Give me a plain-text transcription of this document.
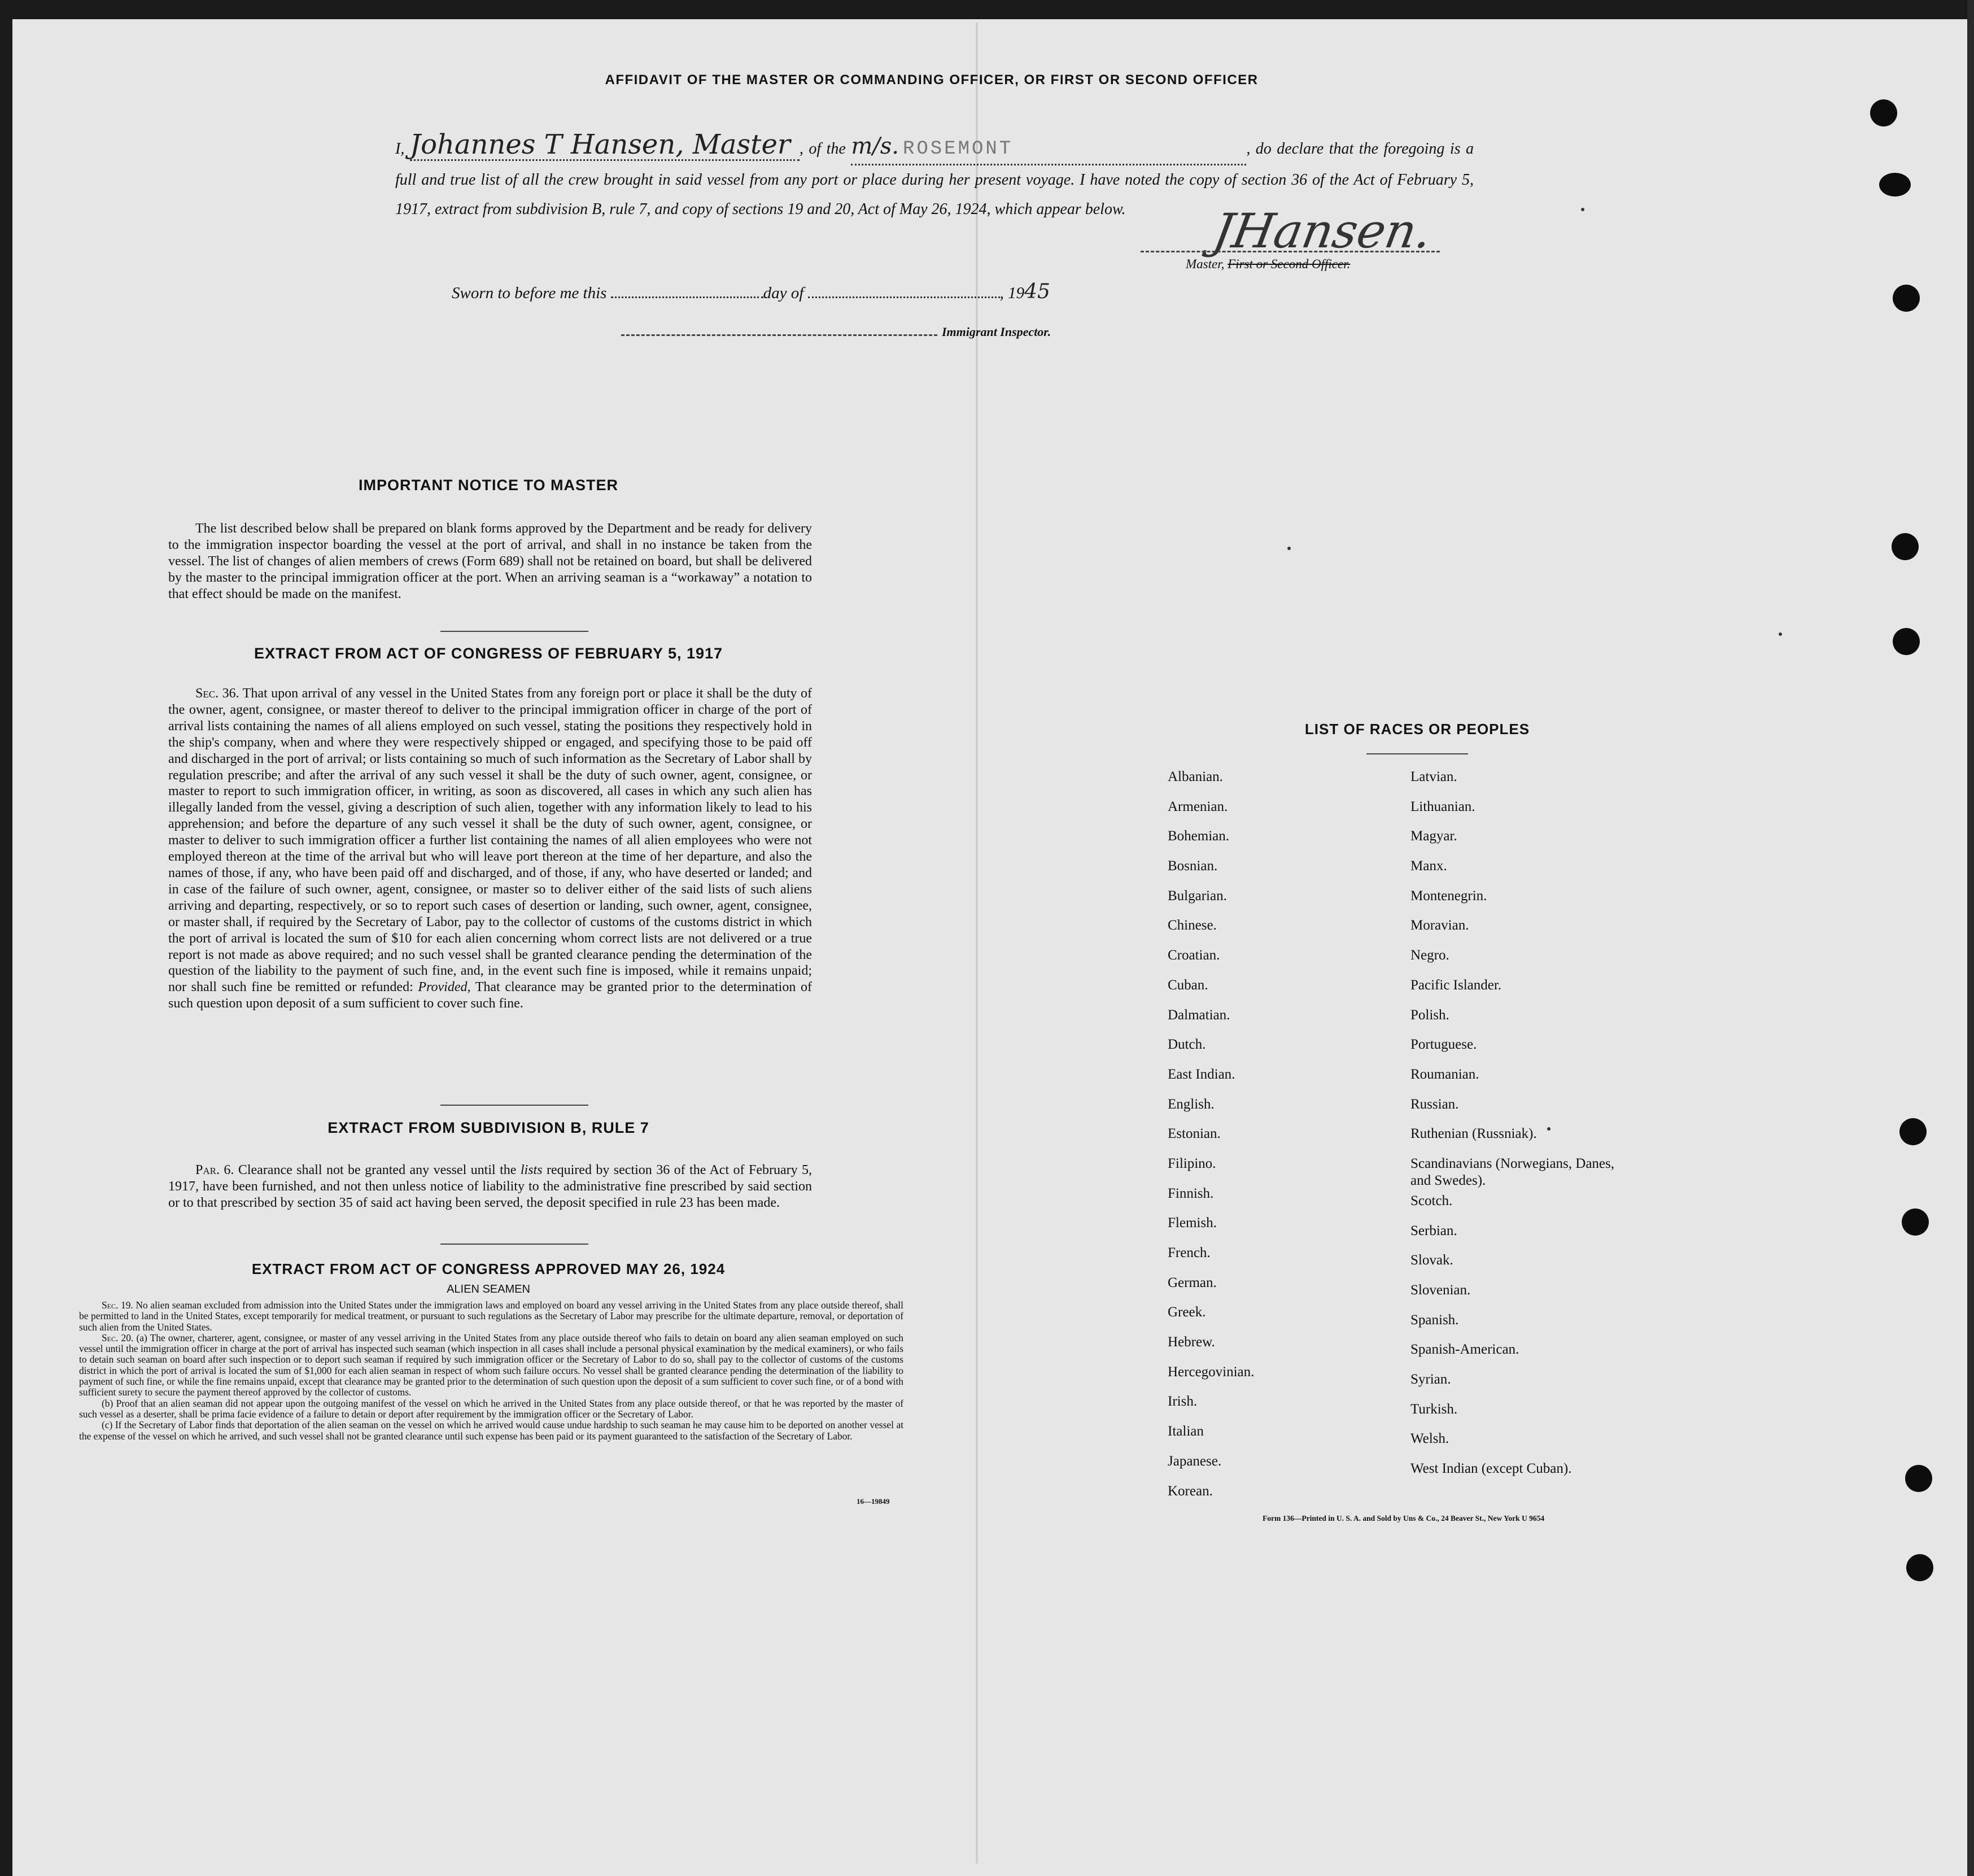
AFFIDAVIT OF THE MASTER OR COMMANDING OFFICER, OR FIRST OR SECOND OFFICER
I, Johannes T Hansen, Master , of the m/s. ROSEMONT	, do declare that the foregoing is a full and true list of all the crew brought in said vessel from any port or place during her present voyage. I have noted the copy of section 36 of the Act of February 5, 1917, extract from subdivision B, rule 7, and copy of sections 19 and 20, Act of May 26, 1924, which appear below.	JHansen.
Master, First or Second Officer.
Sworn to before me this	day of	, 1945
Immigrant Inspector.
IMPORTANT NOTICE TO MASTER
The list described below shall be prepared on blank forms approved by the Department and be ready for delivery to the immigration inspector boarding the vessel at the port of arrival, and shall in no instance be taken from the vessel. The list of changes of alien members of crews (Form 689) shall not be retained on board, but shall be delivered by the master to the principal immigration officer at the port. When an arriving seaman is a “workaway” a notation to that effect should be made on the manifest.
EXTRACT FROM ACT OF CONGRESS OF FEBRUARY 5, 1917
Sec. 36. That upon arrival of any vessel in the United States from any foreign port or place it shall be the duty of the owner, agent, consignee, or master thereof to deliver to the principal immigration officer in charge of the port of arrival lists containing the names of all aliens employed on such vessel, stating the positions they respectively hold in the ship's company, when and where they were respectively shipped or engaged, and specifying those to be paid off and discharged in the port of arrival; or lists containing so much of such information as the Secretary of Labor shall by regulation prescribe; and after the arrival of any such vessel it shall be the duty of such owner, agent, consignee, or master to report to such immigration officer, in writing, as soon as discovered, all cases in which any such alien has illegally landed from the vessel, giving a description of such alien, together with any information likely to lead to his apprehension; and before the departure of any such vessel it shall be the duty of such owner, agent, consignee, or master to deliver to such immigration officer a further list containing the names of all alien employees who were not employed thereon at the time of the arrival but who will leave port thereon at the time of her departure, and also the names of those, if any, who have been paid off and discharged, and of those, if any, who have deserted or landed; and in case of the failure of such owner, agent, consignee, or master so to deliver either of the said lists of such aliens arriving and departing, respectively, or so to report such cases of desertion or landing, such owner, agent, consignee, or master shall, if required by the Secretary of Labor, pay to the collector of customs of the customs district in which the port of arrival is located the sum of $10 for each alien concerning whom correct lists are not delivered or a true report is not made as above required; and no such vessel shall be granted clearance pending the determination of the question of the liability to the payment of such fine, and, in the event such fine is imposed, while it remains unpaid; nor shall such fine be remitted or refunded: Provided, That clearance may be granted prior to the determination of such question upon deposit of a sum sufficient to cover such fine.
EXTRACT FROM SUBDIVISION B, RULE 7
Par. 6. Clearance shall not be granted any vessel until the lists required by section 36 of the Act of February 5, 1917, have been furnished, and not then unless notice of liability to the administrative fine prescribed by said section or to that prescribed by section 35 of said act having been served, the deposit specified in rule 23 has been made.
EXTRACT FROM ACT OF CONGRESS APPROVED MAY 26, 1924
ALIEN SEAMEN
Sec. 19. No alien seaman excluded from admission into the United States under the immigration laws and employed on board any vessel arriving in the United States from any place outside thereof, shall be permitted to land in the United States, except temporarily for medical treatment, or pursuant to such regulations as the Secretary of Labor may prescribe for the ultimate departure, removal, or deportation of such alien from the United States.
Sec. 20. (a) The owner, charterer, agent, consignee, or master of any vessel arriving in the United States from any place outside thereof who fails to detain on board any alien seaman employed on such vessel until the immigration officer in charge at the port of arrival has inspected such seaman (which inspection in all cases shall include a personal physical examination by the medical examiners), or who fails to detain such seaman on board after such inspection or to deport such seaman if required by such immigration officer or the Secretary of Labor to do so, shall pay to the collector of customs of the customs district in which the port of arrival is located the sum of $1,000 for each alien seaman in respect of whom such failure occurs. No vessel shall be granted clearance pending the determination of the liability to payment of such fine, or while the fine remains unpaid, except that clearance may be granted prior to the determination of such question upon the deposit of a sum sufficient to cover such fine, or of a bond with sufficient surety to secure the payment thereof approved by the collector of customs.
(b) Proof that an alien seaman did not appear upon the outgoing manifest of the vessel on which he arrived in the United States from any place outside thereof, or that he was reported by the master of such vessel as a deserter, shall be prima facie evidence of a failure to detain or deport after requirement by the immigration officer or the Secretary of Labor.
(c) If the Secretary of Labor finds that deportation of the alien seaman on the vessel on which he arrived would cause undue hardship to such seaman he may cause him to be deported on another vessel at the expense of the vessel on which he arrived, and such vessel shall not be granted clearance until such expense has been paid or its payment guaranteed to the satisfaction of the Secretary of Labor.
16—19849
LIST OF RACES OR PEOPLES
Albanian.
Armenian.
Bohemian.
Bosnian.
Bulgarian.
Chinese.
Croatian.
Cuban.
Dalmatian.
Dutch.
East Indian.
English.
Estonian.
Filipino.
Finnish.
Flemish.
French.
German.
Greek.
Hebrew.
Hercegovinian.
Irish.
Italian
Japanese.
Korean.
Latvian.
Lithuanian.
Magyar.
Manx.
Montenegrin.
Moravian.
Negro.
Pacific Islander.
Polish.
Portuguese.
Roumanian.
Russian.
Ruthenian (Russniak).
Scandinavians (Norwegians, Danes, and Swedes).
Scotch.
Serbian.
Slovak.
Slovenian.
Spanish.
Spanish-American.
Syrian.
Turkish.
Welsh.
West Indian (except Cuban).
Form 136—Printed in U. S. A. and Sold by Uns & Co., 24 Beaver St., New York U 9654
